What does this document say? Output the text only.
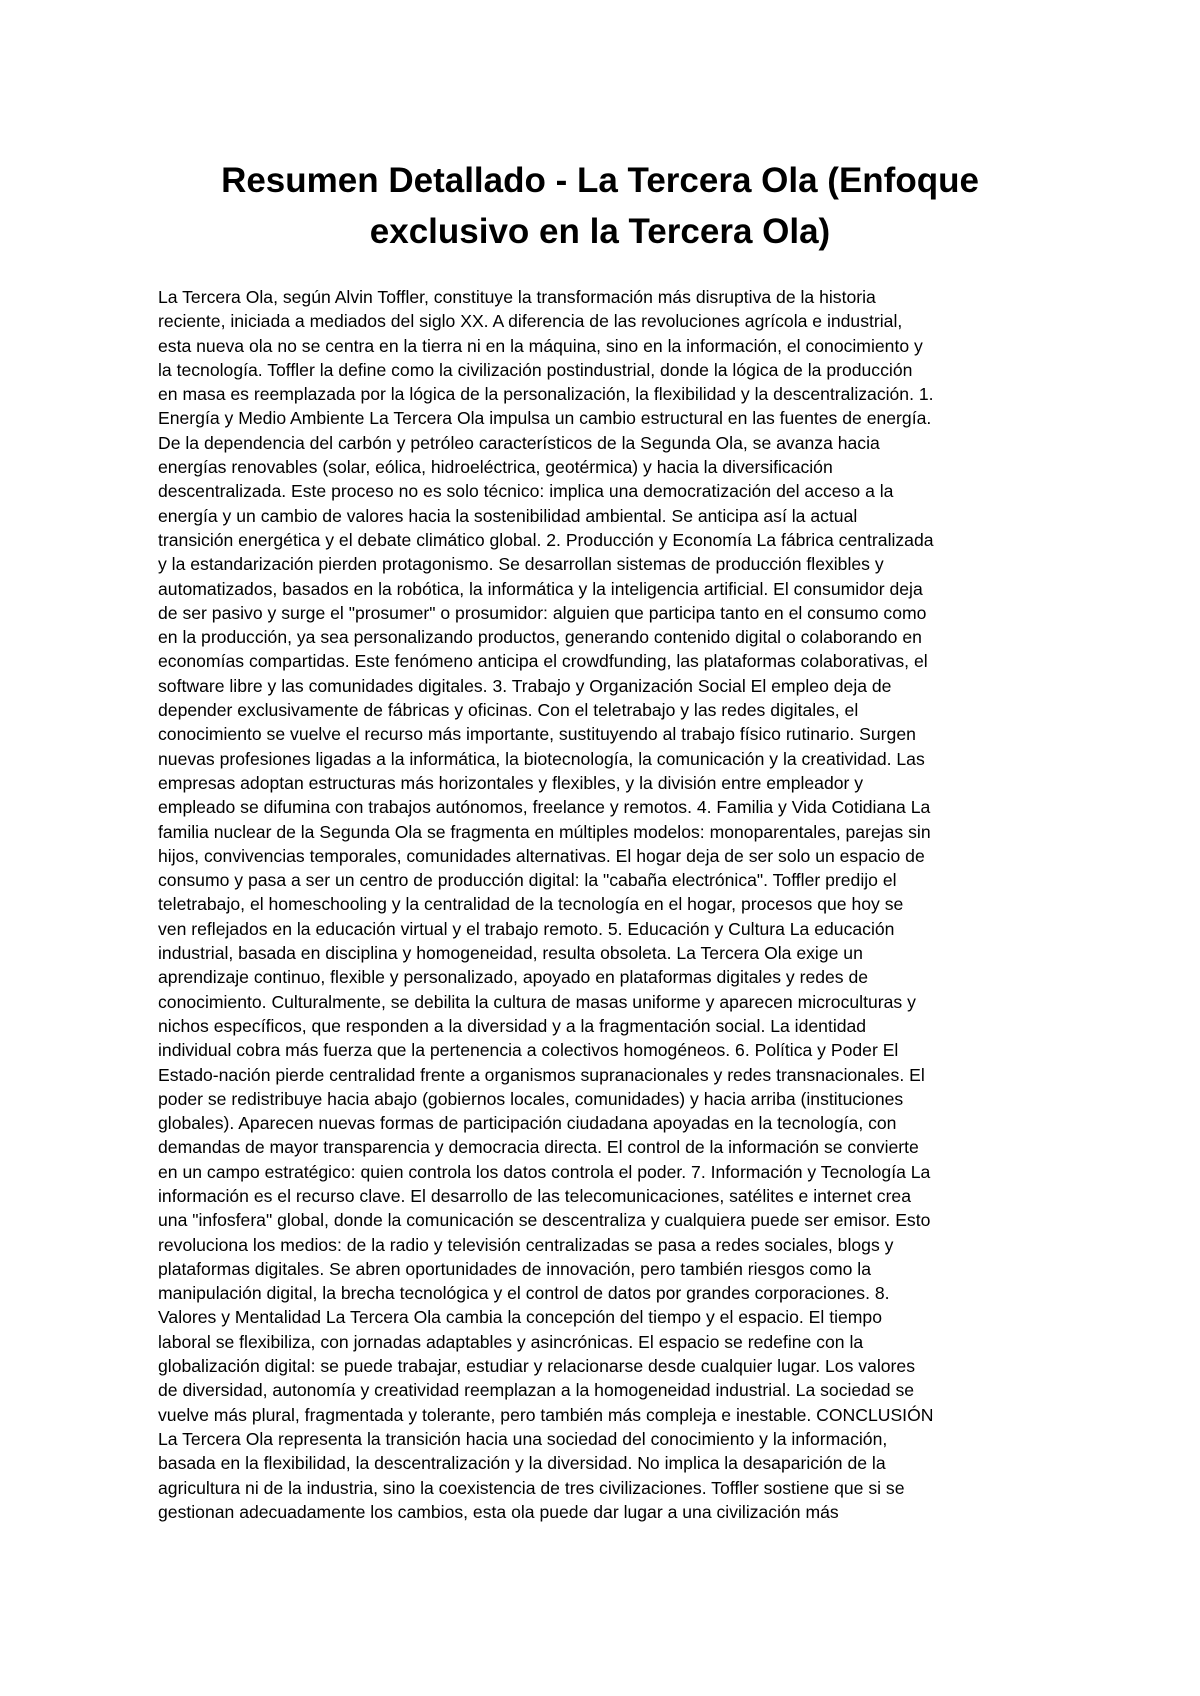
Resumen Detallado - La Tercera Ola (Enfoque exclusivo en la Tercera Ola)
La Tercera Ola, según Alvin Toffler, constituye la transformación más disruptiva de la historia
reciente, iniciada a mediados del siglo XX. A diferencia de las revoluciones agrícola e industrial,
esta nueva ola no se centra en la tierra ni en la máquina, sino en la información, el conocimiento y
la tecnología. Toffler la define como la civilización postindustrial, donde la lógica de la producción
en masa es reemplazada por la lógica de la personalización, la flexibilidad y la descentralización. 1.
Energía y Medio Ambiente La Tercera Ola impulsa un cambio estructural en las fuentes de energía.
De la dependencia del carbón y petróleo característicos de la Segunda Ola, se avanza hacia
energías renovables (solar, eólica, hidroeléctrica, geotérmica) y hacia la diversificación
descentralizada. Este proceso no es solo técnico: implica una democratización del acceso a la
energía y un cambio de valores hacia la sostenibilidad ambiental. Se anticipa así la actual
transición energética y el debate climático global. 2. Producción y Economía La fábrica centralizada
y la estandarización pierden protagonismo. Se desarrollan sistemas de producción flexibles y
automatizados, basados en la robótica, la informática y la inteligencia artificial. El consumidor deja
de ser pasivo y surge el "prosumer" o prosumidor: alguien que participa tanto en el consumo como
en la producción, ya sea personalizando productos, generando contenido digital o colaborando en
economías compartidas. Este fenómeno anticipa el crowdfunding, las plataformas colaborativas, el
software libre y las comunidades digitales. 3. Trabajo y Organización Social El empleo deja de
depender exclusivamente de fábricas y oficinas. Con el teletrabajo y las redes digitales, el
conocimiento se vuelve el recurso más importante, sustituyendo al trabajo físico rutinario. Surgen
nuevas profesiones ligadas a la informática, la biotecnología, la comunicación y la creatividad. Las
empresas adoptan estructuras más horizontales y flexibles, y la división entre empleador y
empleado se difumina con trabajos autónomos, freelance y remotos. 4. Familia y Vida Cotidiana La
familia nuclear de la Segunda Ola se fragmenta en múltiples modelos: monoparentales, parejas sin
hijos, convivencias temporales, comunidades alternativas. El hogar deja de ser solo un espacio de
consumo y pasa a ser un centro de producción digital: la "cabaña electrónica". Toffler predijo el
teletrabajo, el homeschooling y la centralidad de la tecnología en el hogar, procesos que hoy se
ven reflejados en la educación virtual y el trabajo remoto. 5. Educación y Cultura La educación
industrial, basada en disciplina y homogeneidad, resulta obsoleta. La Tercera Ola exige un
aprendizaje continuo, flexible y personalizado, apoyado en plataformas digitales y redes de
conocimiento. Culturalmente, se debilita la cultura de masas uniforme y aparecen microculturas y
nichos específicos, que responden a la diversidad y a la fragmentación social. La identidad
individual cobra más fuerza que la pertenencia a colectivos homogéneos. 6. Política y Poder El
Estado-nación pierde centralidad frente a organismos supranacionales y redes transnacionales. El
poder se redistribuye hacia abajo (gobiernos locales, comunidades) y hacia arriba (instituciones
globales). Aparecen nuevas formas de participación ciudadana apoyadas en la tecnología, con
demandas de mayor transparencia y democracia directa. El control de la información se convierte
en un campo estratégico: quien controla los datos controla el poder. 7. Información y Tecnología La
información es el recurso clave. El desarrollo de las telecomunicaciones, satélites e internet crea
una "infosfera" global, donde la comunicación se descentraliza y cualquiera puede ser emisor. Esto
revoluciona los medios: de la radio y televisión centralizadas se pasa a redes sociales, blogs y
plataformas digitales. Se abren oportunidades de innovación, pero también riesgos como la
manipulación digital, la brecha tecnológica y el control de datos por grandes corporaciones. 8.
Valores y Mentalidad La Tercera Ola cambia la concepción del tiempo y el espacio. El tiempo
laboral se flexibiliza, con jornadas adaptables y asincrónicas. El espacio se redefine con la
globalización digital: se puede trabajar, estudiar y relacionarse desde cualquier lugar. Los valores
de diversidad, autonomía y creatividad reemplazan a la homogeneidad industrial. La sociedad se
vuelve más plural, fragmentada y tolerante, pero también más compleja e inestable. CONCLUSIÓN
La Tercera Ola representa la transición hacia una sociedad del conocimiento y la información,
basada en la flexibilidad, la descentralización y la diversidad. No implica la desaparición de la
agricultura ni de la industria, sino la coexistencia de tres civilizaciones. Toffler sostiene que si se
gestionan adecuadamente los cambios, esta ola puede dar lugar a una civilización más
